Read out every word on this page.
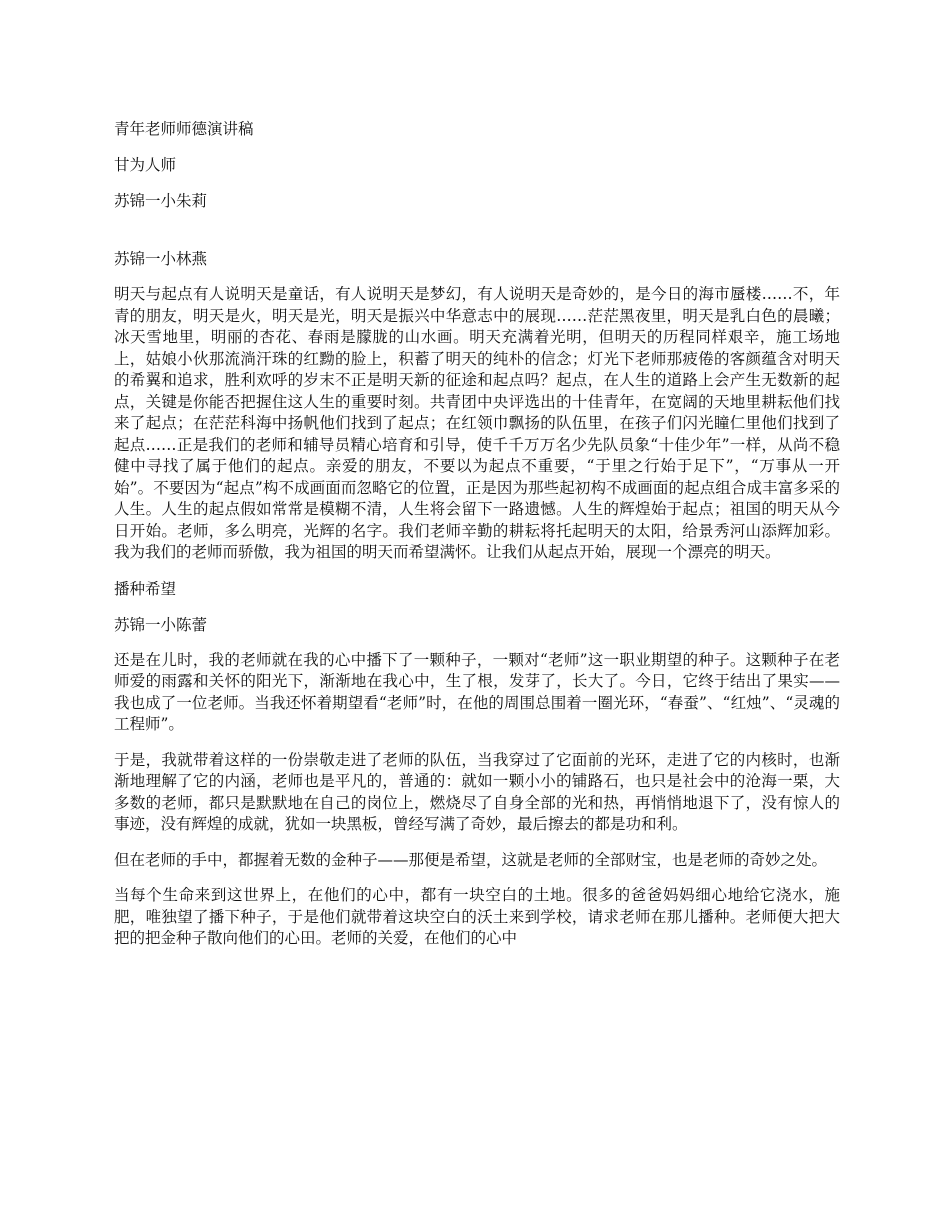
青年老师师德演讲稿

甘为人师

苏锦一小朱莉

苏锦一小林燕

明天与起点有人说明天是童话，有人说明天是梦幻，有人说明天是奇妙的，是今日的海市蜃楼……不，年青的朋友，明天是火，明天是光，明天是振兴中华意志中的展现……茫茫黑夜里，明天是乳白色的晨曦；冰天雪地里，明丽的杏花、春雨是朦胧的山水画。明天充满着光明，但明天的历程同样艰辛，施工场地上，姑娘小伙那流淌汗珠的红黝的脸上，积蓄了明天的纯朴的信念；灯光下老师那疲倦的客颜蕴含对明天的希翼和追求，胜利欢呼的岁末不正是明天新的征途和起点吗？起点，在人生的道路上会产生无数新的起点，关键是你能否把握住这人生的重要时刻。共青团中央评选出的十佳青年，在宽阔的天地里耕耘他们找来了起点；在茫茫科海中扬帆他们找到了起点；在红领巾飘扬的队伍里，在孩子们闪光瞳仁里他们找到了起点……正是我们的老师和辅导员精心培育和引导，使千千万万名少先队员象“十佳少年”一样，从尚不稳健中寻找了属于他们的起点。亲爱的朋友，不要以为起点不重要，“于里之行始于足下”，“万事从一开始”。不要因为“起点”构不成画面而忽略它的位置，正是因为那些起初构不成画面的起点组合成丰富多采的人生。人生的起点假如常常是模糊不清，人生将会留下一路遗憾。人生的辉煌始于起点；祖国的明天从今日开始。老师，多么明亮，光辉的名字。我们老师辛勤的耕耘将托起明天的太阳，给景秀河山添辉加彩。我为我们的老师而骄傲，我为祖国的明天而希望满怀。让我们从起点开始，展现一个漂亮的明天。

播种希望

苏锦一小陈蕾

还是在儿时，我的老师就在我的心中播下了一颗种子，一颗对“老师”这一职业期望的种子。这颗种子在老师爱的雨露和关怀的阳光下，渐渐地在我心中，生了根，发芽了，长大了。今日，它终于结出了果实——我也成了一位老师。当我还怀着期望看“老师”时，在他的周围总围着一圈光环，“春蚕”、“红烛”、“灵魂的工程师”。

于是，我就带着这样的一份崇敬走进了老师的队伍，当我穿过了它面前的光环，走进了它的内核时，也渐渐地理解了它的内涵，老师也是平凡的，普通的：就如一颗小小的铺路石，也只是社会中的沧海一栗，大多数的老师，都只是默默地在自己的岗位上，燃烧尽了自身全部的光和热，再悄悄地退下了，没有惊人的事迹，没有辉煌的成就，犹如一块黑板，曾经写满了奇妙，最后擦去的都是功和利。

但在老师的手中，都握着无数的金种子——那便是希望，这就是老师的全部财宝，也是老师的奇妙之处。

当每个生命来到这世界上，在他们的心中，都有一块空白的土地。很多的爸爸妈妈细心地给它浇水，施肥，唯独望了播下种子，于是他们就带着这块空白的沃土来到学校，请求老师在那儿播种。老师便大把大把的把金种子散向他们的心田。老师的关爱，在他们的心中
